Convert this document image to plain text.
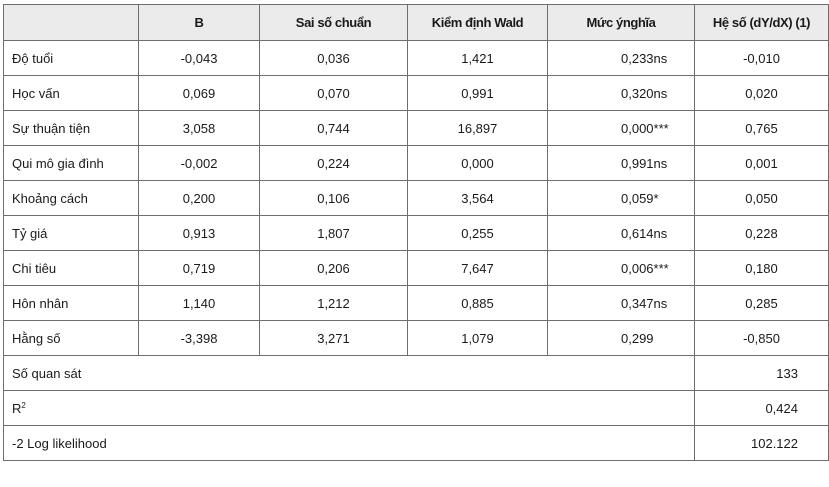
	B	Sai số chuẩn	Kiểm định Wald	Mức ýnghĩa	Hệ số (dY/dX) (1)
Độ tuổi	-0,043	0,036	1,421	0,233ns	-0,010
Học vấn	0,069	0,070	0,991	0,320ns	0,020
Sự thuận tiện	3,058	0,744	16,897	0,000***	0,765
Qui mô gia đình	-0,002	0,224	0,000	0,991ns	0,001
Khoảng cách	0,200	0,106	3,564	0,059*	0,050
Tỷ giá	0,913	1,807	0,255	0,614ns	0,228
Chi tiêu	0,719	0,206	7,647	0,006***	0,180
Hôn nhân	1,140	1,212	0,885	0,347ns	0,285
Hằng số	-3,398	3,271	1,079	0,299	-0,850
Số quan sát					133
$R^2$					0,424
-2 Log likelihood					102.122
